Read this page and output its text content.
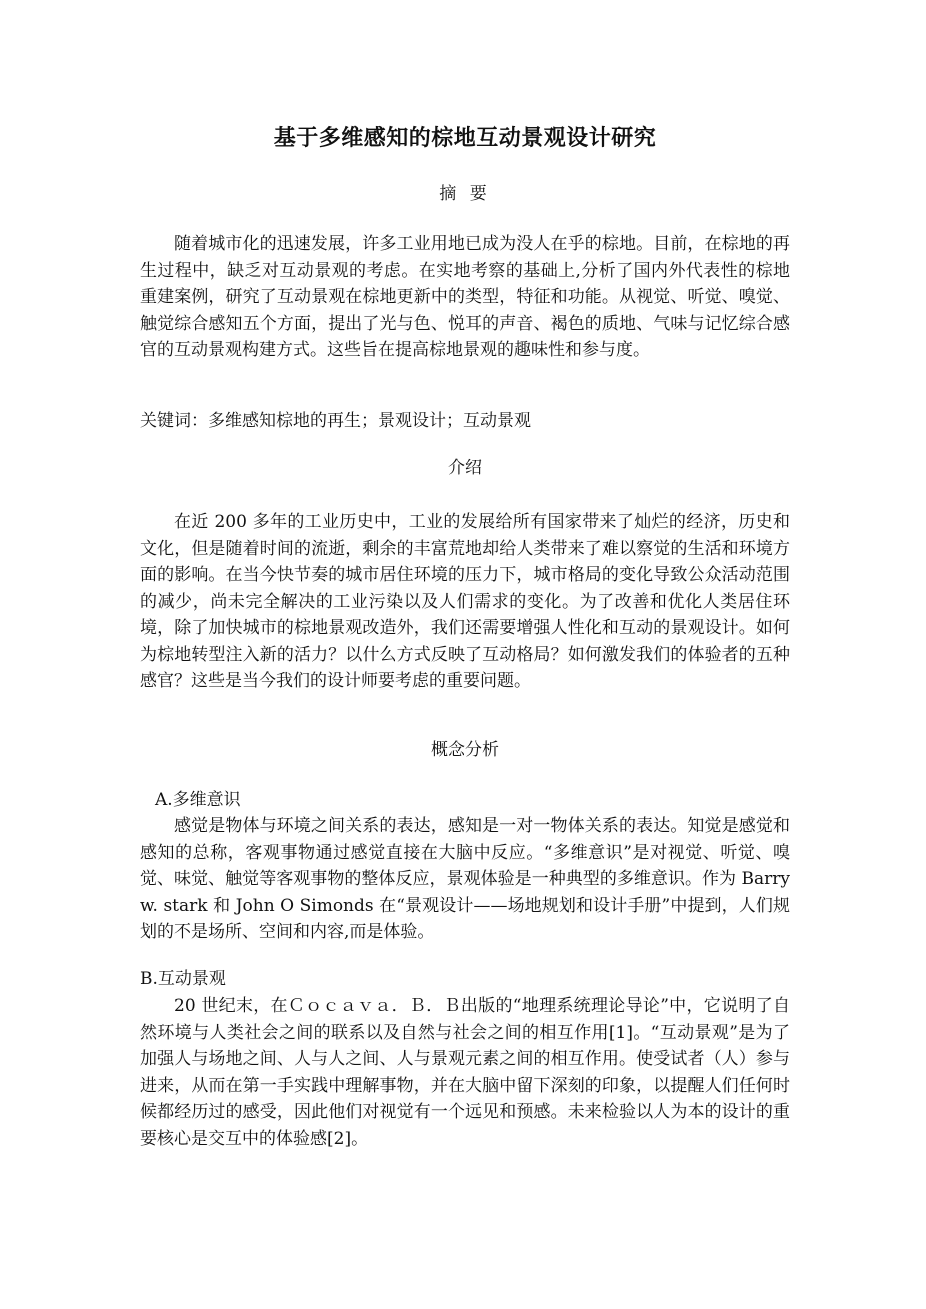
基于多维感知的棕地互动景观设计研究
摘 要

随着城市化的迅速发展，许多工业用地已成为没人在乎的棕地。目前，在棕地的再生过程中，缺乏对互动景观的考虑。在实地考察的基础上,分析了国内外代表性的棕地重建案例，研究了互动景观在棕地更新中的类型，特征和功能。从视觉、听觉、嗅觉、触觉综合感知五个方面，提出了光与色、悦耳的声音、褐色的质地、气味与记忆综合感官的互动景观构建方式。这些旨在提高棕地景观的趣味性和参与度。

关键词：多维感知棕地的再生；景观设计；互动景观
介绍

在近 200 多年的工业历史中，工业的发展给所有国家带来了灿烂的经济，历史和文化，但是随着时间的流逝，剩余的丰富荒地却给人类带来了难以察觉的生活和环境方面的影响。在当今快节奏的城市居住环境的压力下，城市格局的变化导致公众活动范围的减少，尚未完全解决的工业污染以及人们需求的变化。为了改善和优化人类居住环境，除了加快城市的棕地景观改造外，我们还需要增强人性化和互动的景观设计。如何为棕地转型注入新的活力？以什么方式反映了互动格局？如何激发我们的体验者的五种感官？这些是当今我们的设计师要考虑的重要问题。

概念分析
A.多维意识

感觉是物体与环境之间关系的表达，感知是一对一物体关系的表达。知觉是感觉和感知的总称，客观事物通过感觉直接在大脑中反应。“多维意识”是对视觉、听觉、嗅觉、味觉、触觉等客观事物的整体反应，景观体验是一种典型的多维意识。作为 Barry w. stark 和 John O Simonds 在“景观设计——场地规划和设计手册”中提到，人们规划的不是场所、空间和内容,而是体验。

B.互动景观

20 世纪末，在Ｃｏｃａｖａ．Ｂ．Ｂ出版的“地理系统理论导论”中，它说明了自然环境与人类社会之间的联系以及自然与社会之间的相互作用[1]。“互动景观”是为了加强人与场地之间、人与人之间、人与景观元素之间的相互作用。使受试者（人）参与进来，从而在第一手实践中理解事物，并在大脑中留下深刻的印象，以提醒人们任何时候都经历过的感受，因此他们对视觉有一个远见和预感。未来检验以人为本的设计的重要核心是交互中的体验感[2]。
